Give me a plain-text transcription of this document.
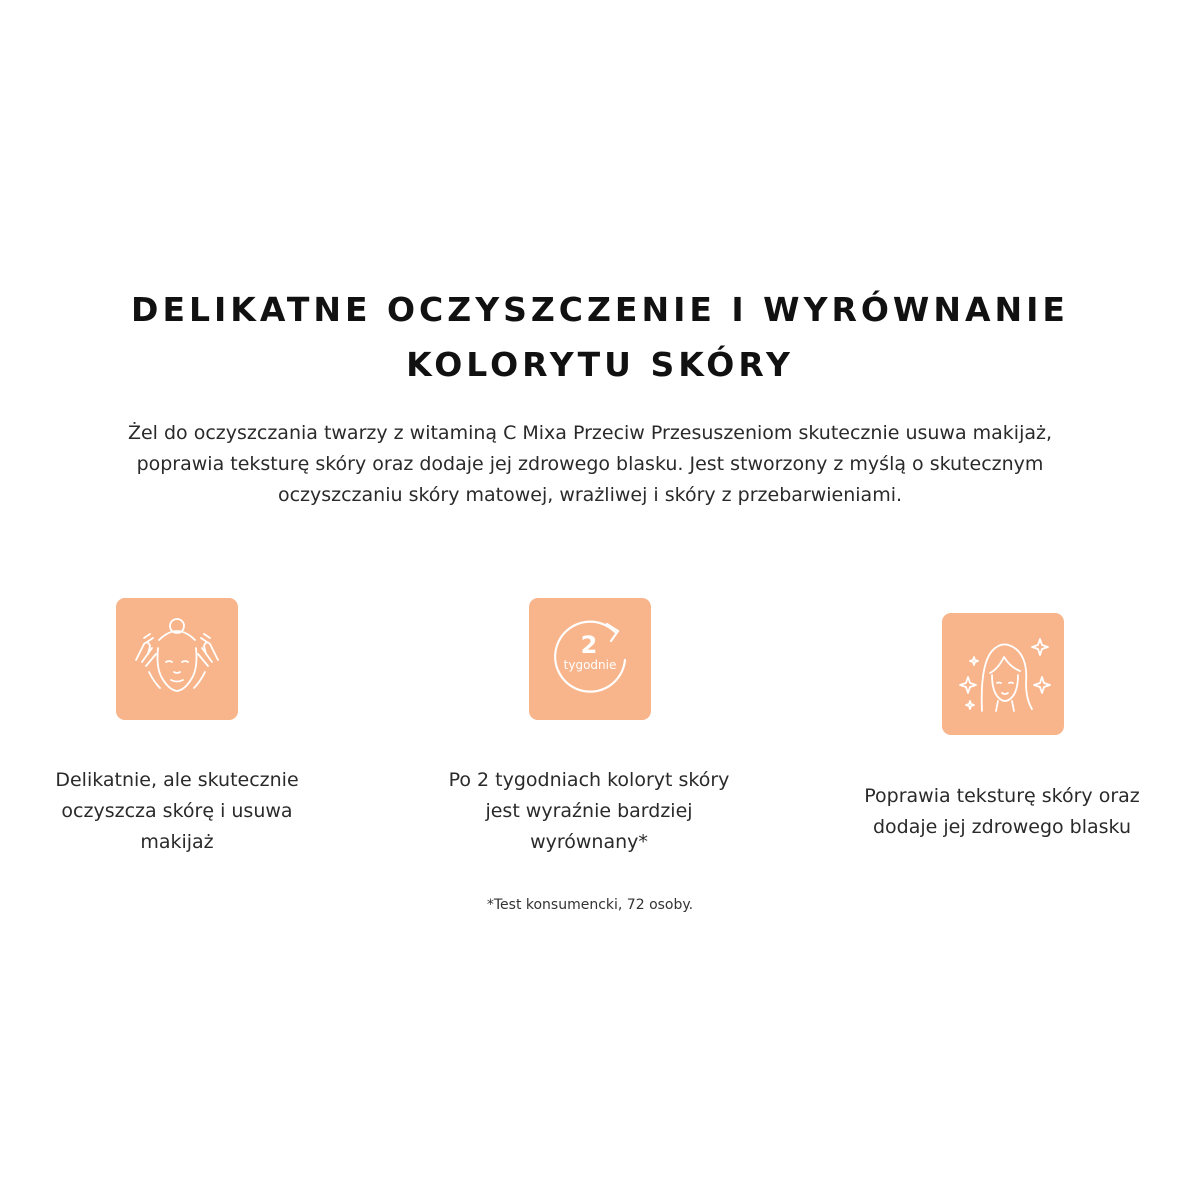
DELIKATNE OCZYSZCZENIE I WYRÓWNANIE
KOLORYTU SKÓRY

Żel do oczyszczania twarzy z witaminą C Mixa Przeciw Przesuszeniom skutecznie usuwa makijaż,
poprawia teksturę skóry oraz dodaje jej zdrowego blasku. Jest stworzony z myślą o skutecznym
oczyszczaniu skóry matowej, wrażliwej i skóry z przebarwieniami.

Delikatnie, ale skutecznie
oczyszcza skórę i usuwa
makijaż
2
tygodnie
Po 2 tygodniach koloryt skóry
jest wyraźnie bardziej
wyrównany*
Poprawia teksturę skóry oraz
dodaje jej zdrowego blasku
*Test konsumencki, 72 osoby.
